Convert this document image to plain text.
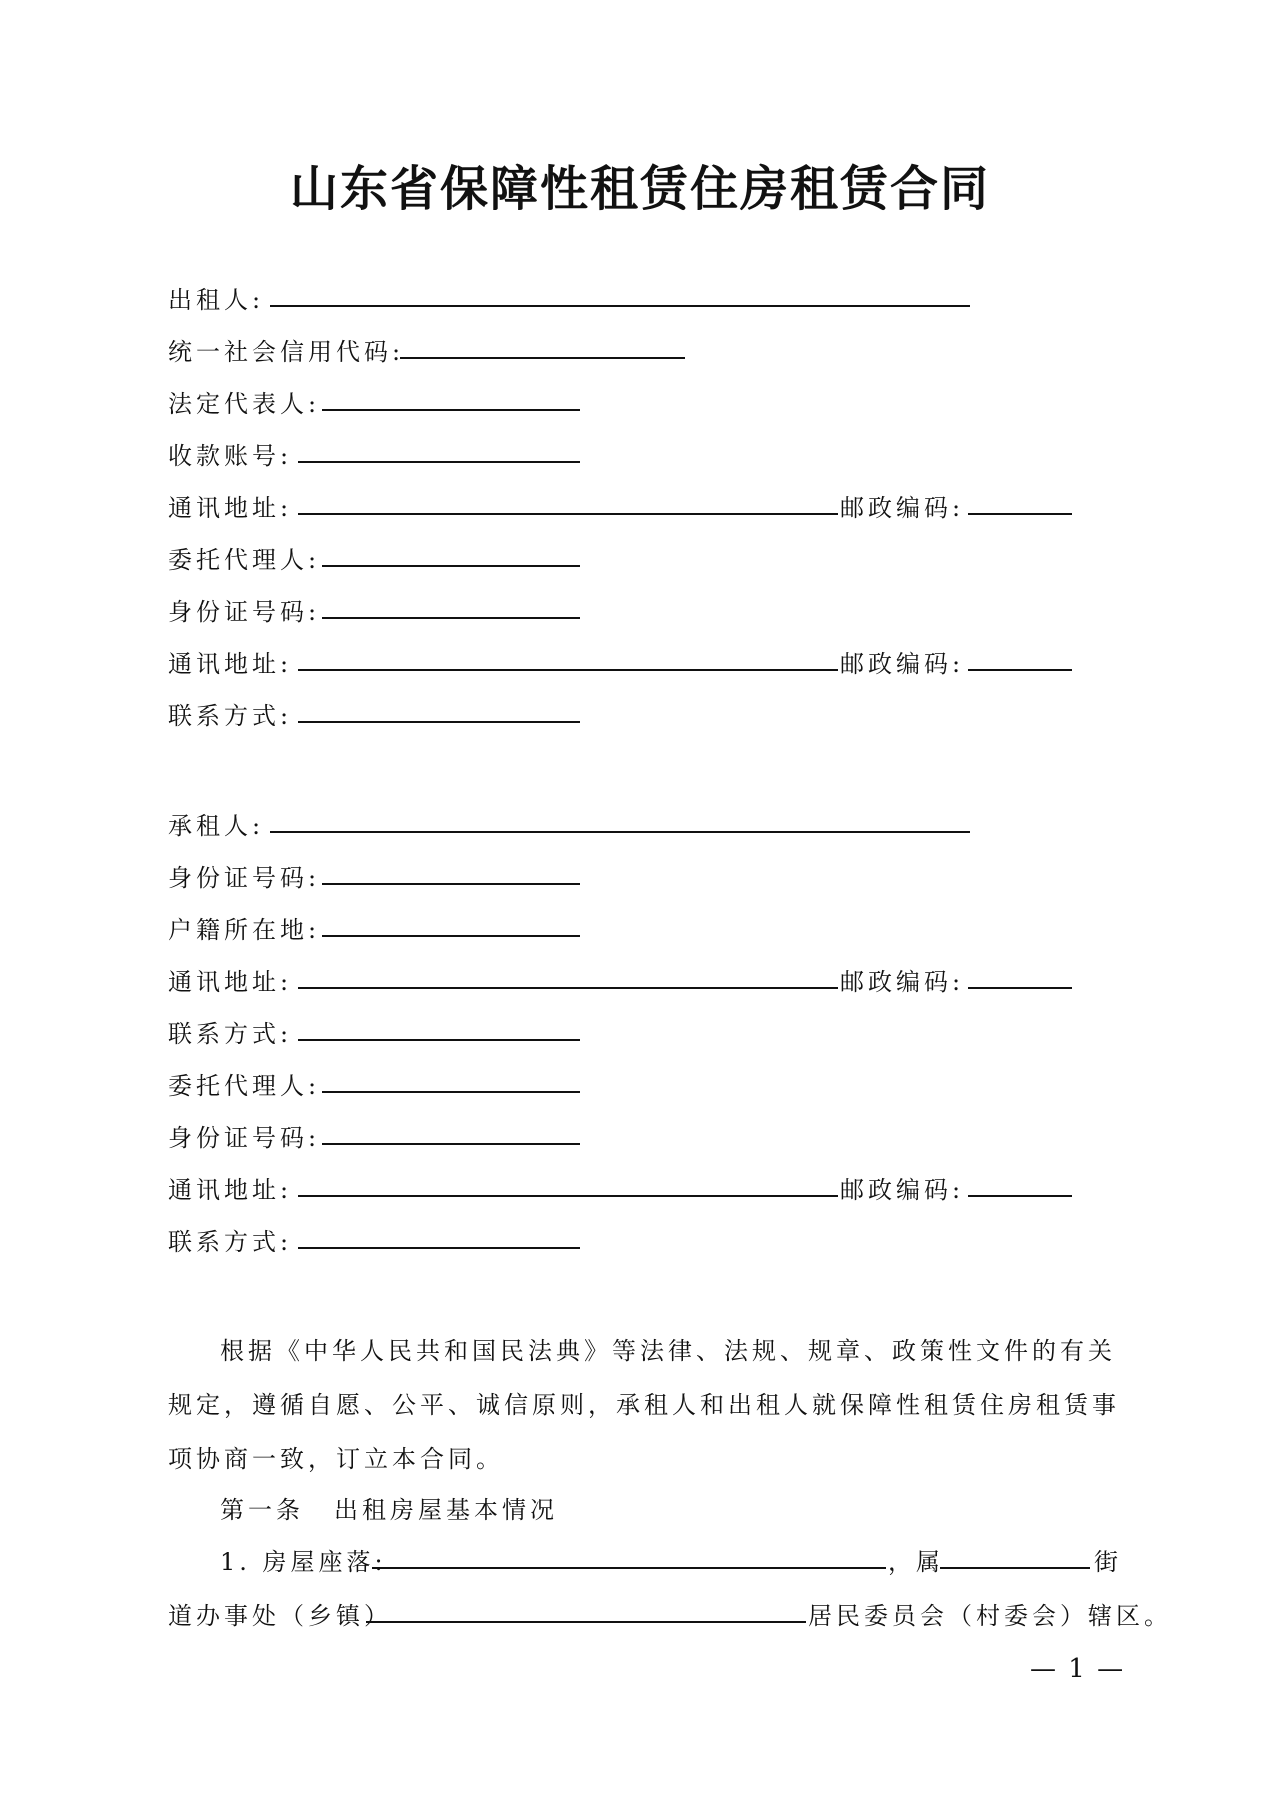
山东省保障性租赁住房租赁合同
出租人:
统一社会信用代码:
法定代表人:
收款账号:
通讯地址:	邮政编码:
委托代理人:
身份证号码:
通讯地址:	邮政编码:
联系方式:
承租人:
身份证号码:
户籍所在地:
通讯地址:	邮政编码:
联系方式:
委托代理人:
身份证号码:
通讯地址:	邮政编码:
联系方式:

根据《中华人民共和国民法典》等法律、法规、规章、政策性文件的有关规定，遵循自愿、公平、诚信原则，承租人和出租人就保障性租赁住房租赁事项协商一致，订立本合同。

第一条 出租房屋基本情况
1. 房屋座落:	，属	街
道办事处（乡镇）	居民委员会（村委会）辖区。
— 1 —
